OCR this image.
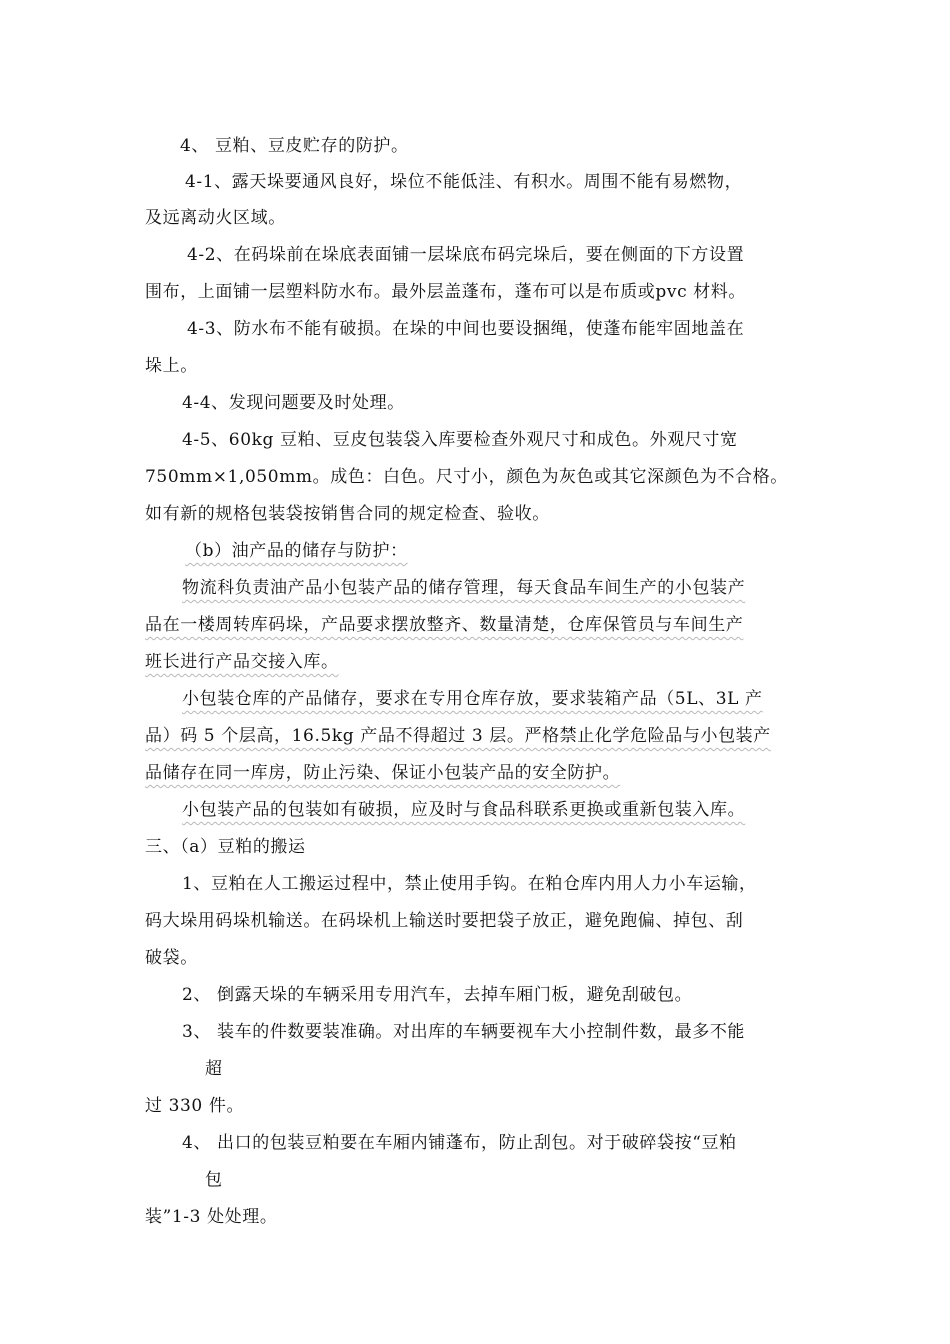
4、 豆粕、豆皮贮存的防护。
4-1、露天垛要通风良好，垛位不能低洼、有积水。周围不能有易燃物，
及远离动火区域。
4-2、在码垛前在垛底表面铺一层垛底布码完垛后，要在侧面的下方设置
围布，上面铺一层塑料防水布。最外层盖蓬布，蓬布可以是布质或pvc 材料。
4-3、防水布不能有破损。在垛的中间也要设捆绳，使蓬布能牢固地盖在
垛上。
4-4、发现问题要及时处理。
4-5、60kg 豆粕、豆皮包装袋入库要检查外观尺寸和成色。外观尺寸宽
750mm×1,050mm。成色：白色。尺寸小，颜色为灰色或其它深颜色为不合格。
如有新的规格包装袋按销售合同的规定检查、验收。
（b）油产品的储存与防护：
物流科负责油产品小包装产品的储存管理，每天食品车间生产的小包装产
品在一楼周转库码垛，产品要求摆放整齐、数量清楚，仓库保管员与车间生产
班长进行产品交接入库。
小包装仓库的产品储存，要求在专用仓库存放，要求装箱产品（5L、3L 产
品）码 5 个层高，16.5kg 产品不得超过 3 层。严格禁止化学危险品与小包装产
品储存在同一库房，防止污染、保证小包装产品的安全防护。
小包装产品的包装如有破损，应及时与食品科联系更换或重新包装入库。
三、（a）豆粕的搬运
1、豆粕在人工搬运过程中，禁止使用手钩。在粕仓库内用人力小车运输，
码大垛用码垛机输送。在码垛机上输送时要把袋子放正，避免跑偏、掉包、刮
破袋。
2、 倒露天垛的车辆采用专用汽车，去掉车厢门板，避免刮破包。
3、 装车的件数要装准确。对出库的车辆要视车大小控制件数，最多不能
超
过 330 件。
4、 出口的包装豆粕要在车厢内铺蓬布，防止刮包。对于破碎袋按“豆粕
包
装”1-3 处处理。
